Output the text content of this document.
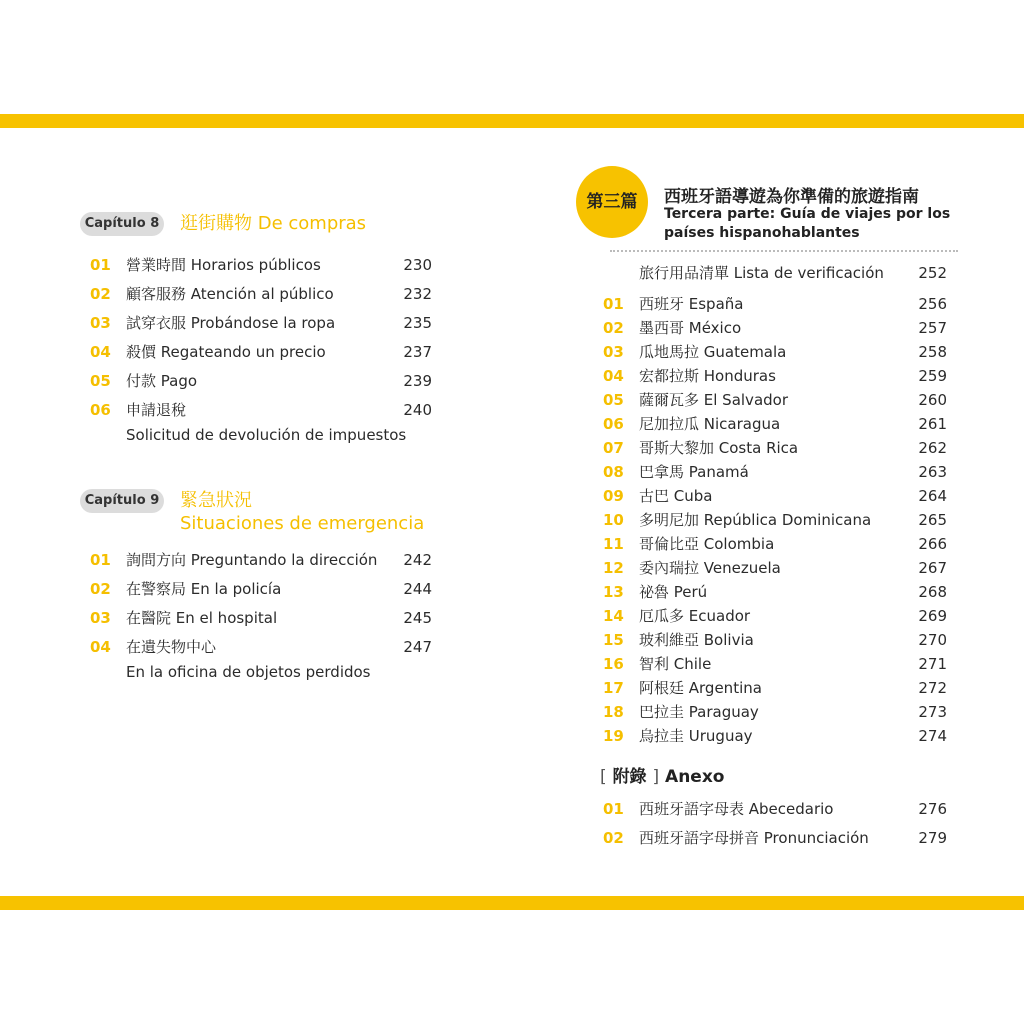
Capítulo 8 逛街購物 De compras
01 營業時間 Horarios públicos	230
02 顧客服務 Atención al público	232
03 試穿衣服 Probándose la ropa	235
04 殺價 Regateando un precio	237
05 付款 Pago	239
06 申請退稅	240
Solicitud de devolución de impuestos
Capítulo 9 緊急狀況
Situaciones de emergencia
01 詢問方向 Preguntando la dirección	242
02 在警察局 En la policía	244
03 在醫院 En el hospital	245
04 在遺失物中心	247
En la oficina de objetos perdidos
第三篇	西班牙語導遊為你準備的旅遊指南
Tercera parte: Guía de viajes por los
países hispanohablantes
旅行用品清單 Lista de verificación	252
01 西班牙 España	256
02 墨西哥 México	257
03 瓜地馬拉 Guatemala	258
04 宏都拉斯 Honduras	259
05 薩爾瓦多 El Salvador	260
06 尼加拉瓜 Nicaragua	261
07 哥斯大黎加 Costa Rica	262
08 巴拿馬 Panamá	263
09 古巴 Cuba	264
10 多明尼加 República Dominicana	265
11 哥倫比亞 Colombia	266
12 委內瑞拉 Venezuela	267
13 祕魯 Perú	268
14 厄瓜多 Ecuador	269
15 玻利維亞 Bolivia	270
16 智利 Chile	271
17 阿根廷 Argentina	272
18 巴拉圭 Paraguay	273
19 烏拉圭 Uruguay	274
[ 附錄 ] Anexo
01 西班牙語字母表 Abecedario	276
02 西班牙語字母拼音 Pronunciación	279
